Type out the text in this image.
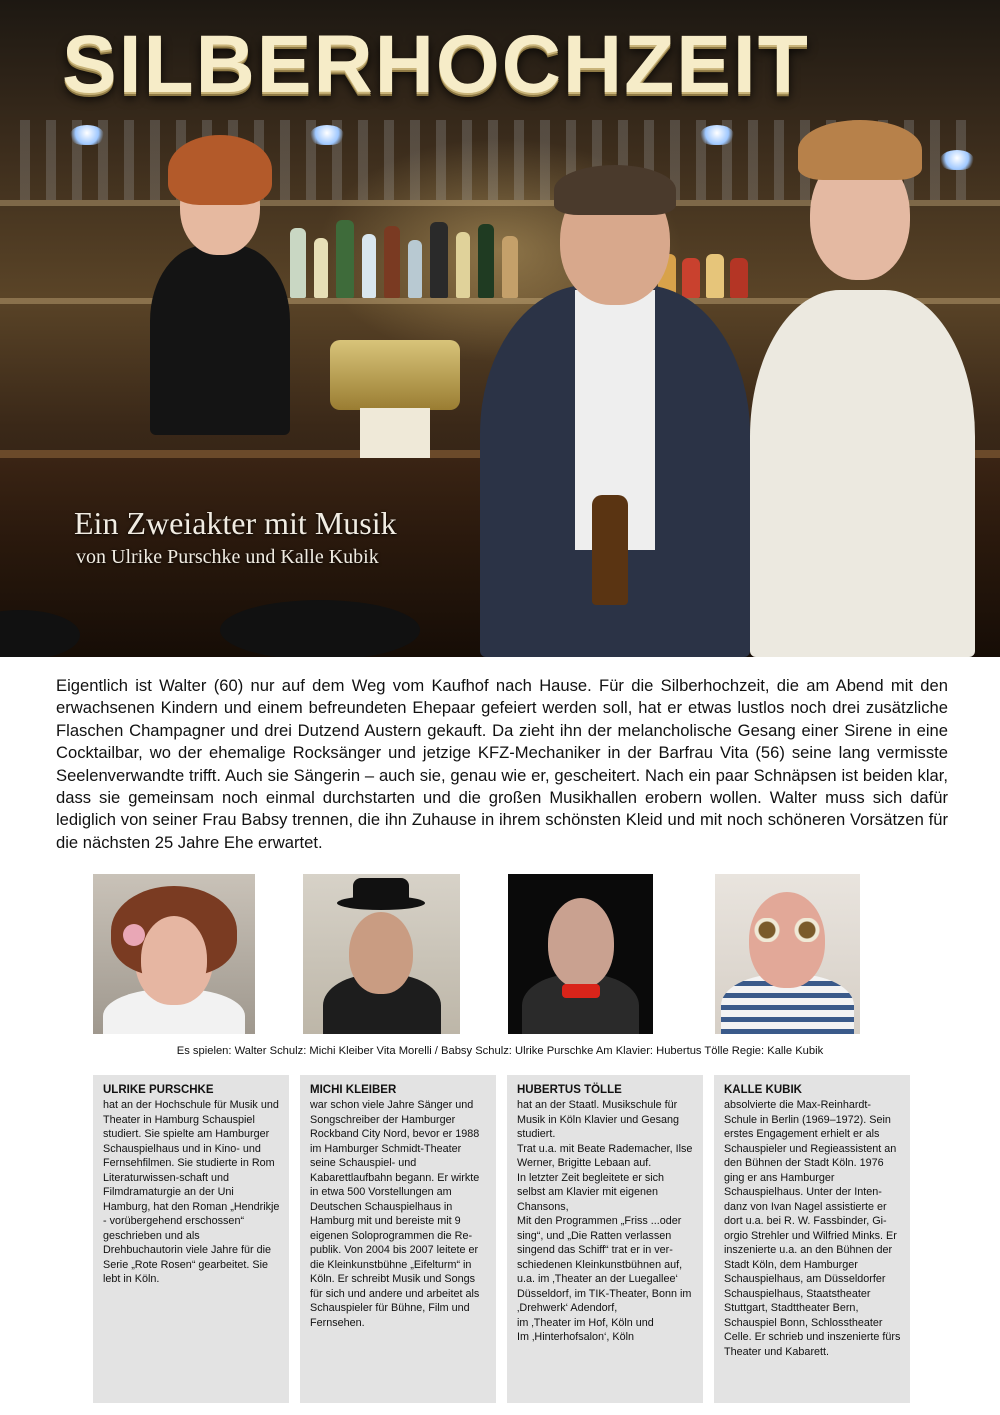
SILBERHOCHZEIT
Ein Zweiakter mit Musik
von Ulrike Purschke und Kalle Kubik

Eigentlich ist Walter (60) nur auf dem Weg vom Kaufhof nach Hause. Für die Silberhochzeit, die am Abend mit den erwachsenen Kindern und einem befreundeten Ehepaar gefeiert werden soll, hat er etwas lustlos noch drei zusätzliche Flaschen Champagner und drei Dutzend Austern gekauft. Da zieht ihn der melancholische Gesang einer Sirene in eine Cocktailbar, wo der ehemalige Rocksänger und jetzige KFZ-Mechaniker in der Barfrau Vita (56) seine lang vermisste Seelenverwandte trifft. Auch sie Sängerin – auch sie, genau wie er, gescheitert. Nach ein paar Schnäpsen ist beiden klar, dass sie gemeinsam noch einmal durchstarten und die großen Musikhallen erobern wollen. Walter muss sich dafür lediglich von seiner Frau Babsy trennen, die ihn Zuhause in ihrem schönsten Kleid und mit noch schöneren Vorsätzen für die nächsten 25 Jahre Ehe erwartet.

Es spielen: Walter Schulz: Michi Kleiber Vita Morelli / Babsy Schulz: Ulrike Purschke Am Klavier: Hubertus Tölle Regie: Kalle Kubik
ULRIKE PURSCHKE

hat an der Hochschule für Musik und Theater in Hamburg Schauspiel studiert. Sie spielte am Hamburger Schauspielhaus und in Kino- und Fernsehfilmen. Sie studierte in Rom Literaturwissen-schaft und Filmdramaturgie an der Uni Hamburg, hat den Roman „Hendrikje - vorübergehend erschossen“ geschrieben und als Drehbuchautorin viele Jahre für die Serie „Rote Rosen“ gearbeitet. Sie lebt in Köln.

MICHI KLEIBER

war schon viele Jahre Sänger und Songschreiber der Hamburger Rockband City Nord, bevor er 1988 im Hamburger Schmidt-Theater seine Schauspiel- und Kabarettlaufbahn begann. Er wirkte in etwa 500 Vorstellungen am Deutschen Schauspielhaus in Hamburg mit und bereiste mit 9 eigenen Soloprogrammen die Re-publik. Von 2004 bis 2007 leitete er die Kleinkunstbühne „Eifelturm“ in Köln. Er schreibt Musik und Songs für sich und andere und arbeitet als Schauspieler für Bühne, Film und Fernsehen.

HUBERTUS TÖLLE

hat an der Staatl. Musikschule für Musik in Köln Klavier und Gesang studiert.
Trat u.a. mit Beate Rademacher, Ilse Werner, Brigitte Lebaan auf.
In letzter Zeit begleitete er sich selbst am Klavier mit eigenen Chansons,
Mit den Programmen „Friss ...oder sing“, und „Die Ratten verlassen singend das Schiff“ trat er in ver-schiedenen Kleinkunstbühnen auf, u.a. im ‚Theater an der Luegallee‘ Düsseldorf, im TIK-Theater, Bonn im ‚Drehwerk‘ Adendorf,
im ‚Theater im Hof, Köln und
Im ‚Hinterhofsalon‘, Köln

KALLE KUBIK

absolvierte die Max-Reinhardt-Schule in Berlin (1969–1972). Sein erstes Engagement erhielt er als Schauspieler und Regieassistent an den Bühnen der Stadt Köln. 1976 ging er ans Hamburger Schauspielhaus. Unter der Inten-danz von Ivan Nagel assistierte er dort u.a. bei R. W. Fassbinder, Gi-orgio Strehler und Wilfried Minks. Er inszenierte u.a. an den Bühnen der Stadt Köln, dem Hamburger Schauspielhaus, am Düsseldorfer Schauspielhaus, Staatstheater Stuttgart, Stadttheater Bern, Schauspiel Bonn, Schlosstheater Celle. Er schrieb und inszenierte fürs Theater und Kabarett.
